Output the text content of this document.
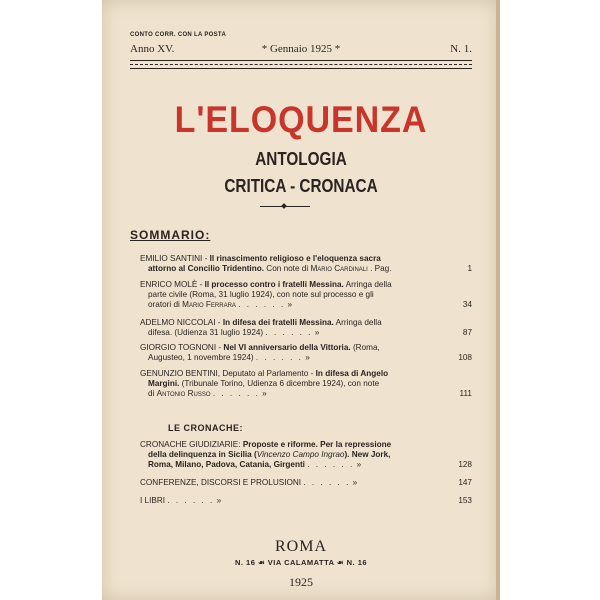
CONTO CORR. CON LA POSTA
Anno XV.	* Gennaio 1925 *	N. 1.
L'ELOQUENZA
ANTOLOGIA
CRITICA - CRONACA
SOMMARIO:
EMILIO SANTINI - Il rinascimento religioso e l'eloquenza sacra
attorno al Concilio Tridentino. Con note di Mario Cardinali . Pag.	1
ENRICO MOLÈ - Il processo contro i fratelli Messina. Arringa della
parte civile (Roma, 31 luglio 1924), con note sul processo e gli
oratori di Mario Ferrara . . . . . . »	34
ADELMO NICCOLAI - In difesa dei fratelli Messina. Arringa della
difesa. (Udienza 31 luglio 1924) . . . . . . »	87
GIORGIO TOGNONI - Nel VI anniversario della Vittoria. (Roma,
Augusteo, 1 novembre 1924) . . . . . . »	108
GENUNZIO BENTINI, Deputato al Parlamento - In difesa di Angelo
Margini. (Tribunale Torino, Udienza 6 dicembre 1924), con note
di Antonio Russo . . . . . . »	111
LE CRONACHE:
CRONACHE GIUDIZIARIE: Proposte e riforme. Per la repressione
della delinquenza in Sicilia (Vincenzo Campo Ingrao). New Jork,
Roma, Milano, Padova, Catania, Girgenti . . . . . . »	128
CONFERENZE, DISCORSI E PROLUSIONI . . . . . . »	147
I LIBRI . . . . . . »	153
ROMA
N. 16 ☙ VIA CALAMATTA ☙ N. 16
1925
